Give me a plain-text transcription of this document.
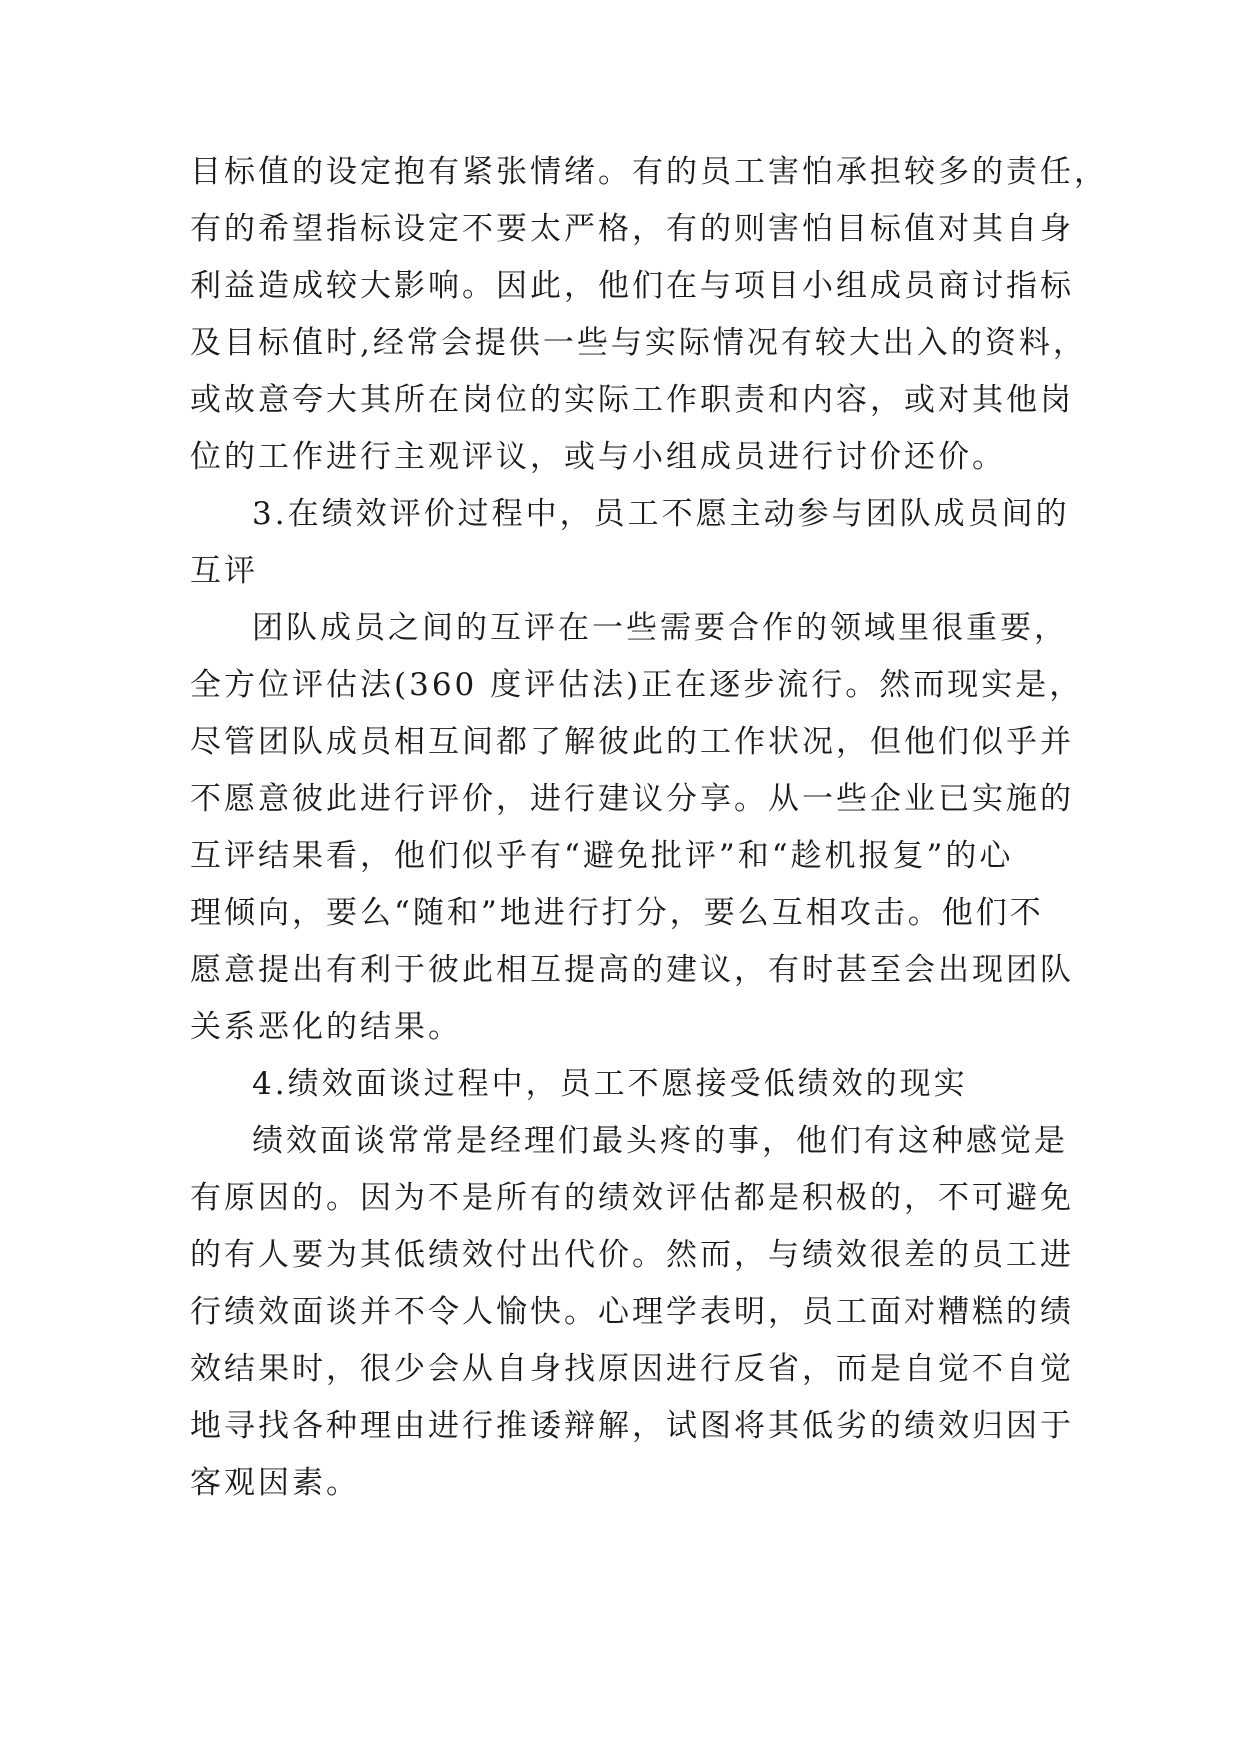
目标值的设定抱有紧张情绪。有的员工害怕承担较多的责任，
有的希望指标设定不要太严格，有的则害怕目标值对其自身
利益造成较大影响。因此，他们在与项目小组成员商讨指标
及目标值时,经常会提供一些与实际情况有较大出入的资料，
或故意夸大其所在岗位的实际工作职责和内容，或对其他岗
位的工作进行主观评议，或与小组成员进行讨价还价。
3.在绩效评价过程中，员工不愿主动参与团队成员间的
互评
团队成员之间的互评在一些需要合作的领域里很重要，
全方位评估法(360 度评估法)正在逐步流行。然而现实是，
尽管团队成员相互间都了解彼此的工作状况，但他们似乎并
不愿意彼此进行评价，进行建议分享。从一些企业已实施的
互评结果看，他们似乎有“避免批评”和“趁机报复”的心
理倾向，要么“随和”地进行打分，要么互相攻击。他们不
愿意提出有利于彼此相互提高的建议，有时甚至会出现团队
关系恶化的结果。
4.绩效面谈过程中，员工不愿接受低绩效的现实
绩效面谈常常是经理们最头疼的事，他们有这种感觉是
有原因的。因为不是所有的绩效评估都是积极的，不可避免
的有人要为其低绩效付出代价。然而，与绩效很差的员工进
行绩效面谈并不令人愉快。心理学表明，员工面对糟糕的绩
效结果时，很少会从自身找原因进行反省，而是自觉不自觉
地寻找各种理由进行推诿辩解，试图将其低劣的绩效归因于
客观因素。
